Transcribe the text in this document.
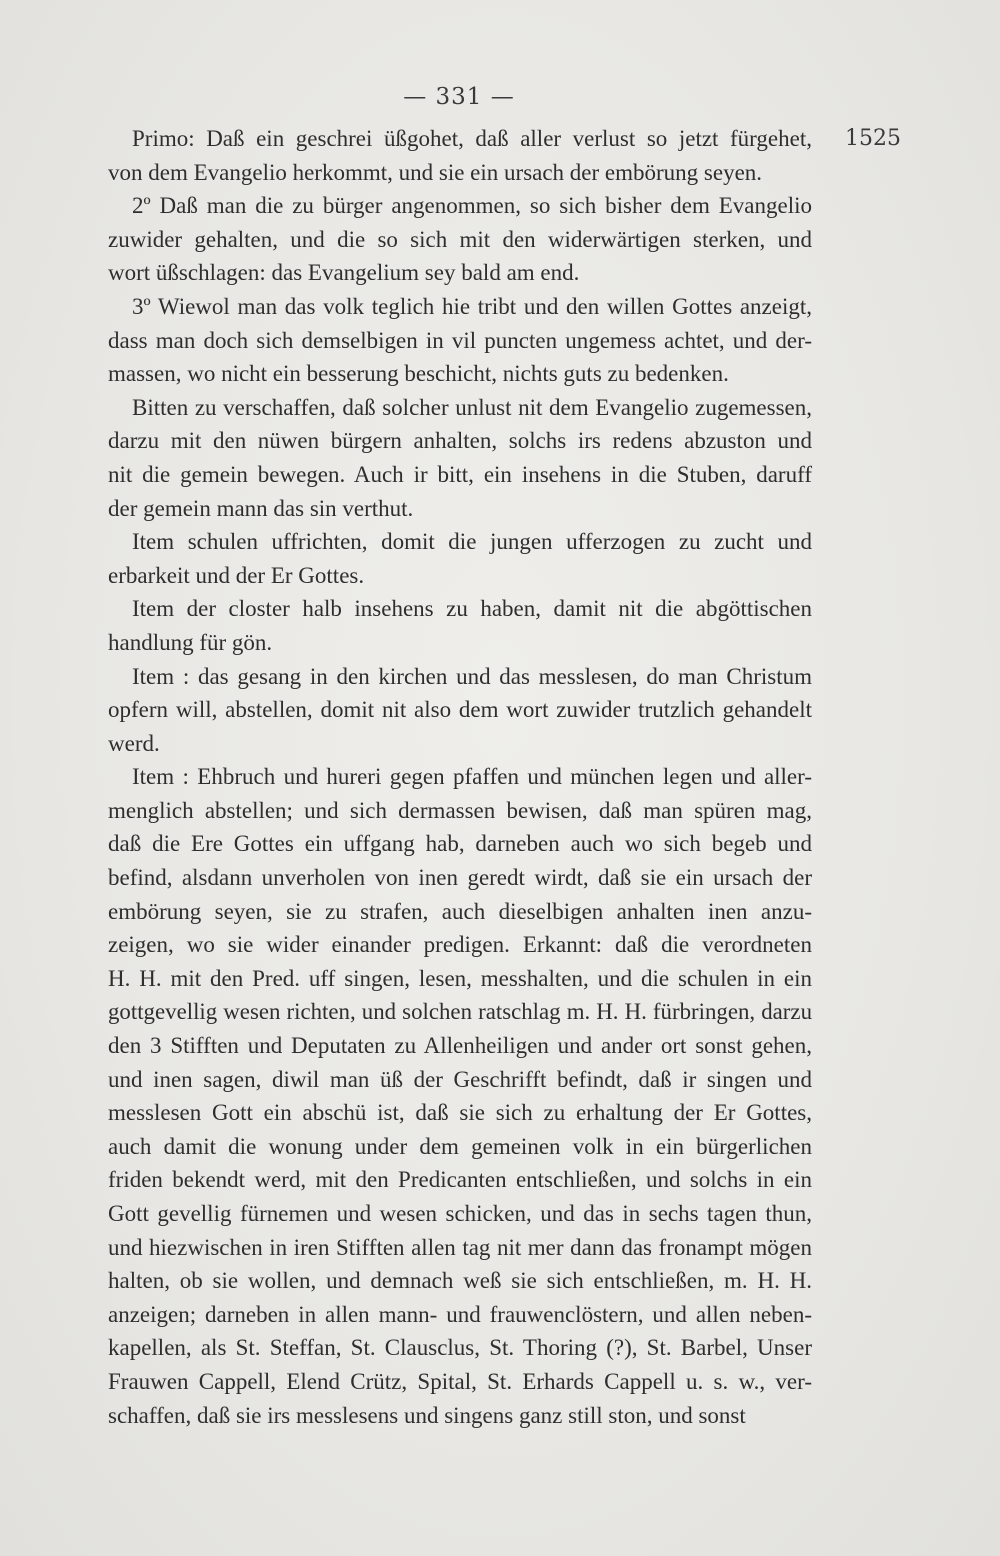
— 331 —
1525
Primo: Daß ein geschrei üßgohet, daß aller verlust so jetzt fürgehet,
von dem Evangelio herkommt, und sie ein ursach der embörung seyen.
2º Daß man die zu bürger angenommen, so sich bisher dem Evangelio
zuwider gehalten, und die so sich mit den widerwärtigen sterken, und
wort üßschlagen: das Evangelium sey bald am end.
3º Wiewol man das volk teglich hie tribt und den willen Gottes anzeigt,
dass man doch sich demselbigen in vil puncten ungemess achtet, und der-
massen, wo nicht ein besserung beschicht, nichts guts zu bedenken.
Bitten zu verschaffen, daß solcher unlust nit dem Evangelio zugemessen,
darzu mit den nüwen bürgern anhalten, solchs irs redens abzuston und
nit die gemein bewegen. Auch ir bitt, ein insehens in die Stuben, daruff
der gemein mann das sin verthut.
Item schulen uffrichten, domit die jungen ufferzogen zu zucht und
erbarkeit und der Er Gottes.
Item der closter halb insehens zu haben, damit nit die abgöttischen
handlung für gön.
Item : das gesang in den kirchen und das messlesen, do man Christum
opfern will, abstellen, domit nit also dem wort zuwider trutzlich gehandelt
werd.
Item : Ehbruch und hureri gegen pfaffen und münchen legen und aller-
menglich abstellen; und sich dermassen bewisen, daß man spüren mag,
daß die Ere Gottes ein uffgang hab, darneben auch wo sich begeb und
befind, alsdann unverholen von inen geredt wirdt, daß sie ein ursach der
embörung seyen, sie zu strafen, auch dieselbigen anhalten inen anzu-
zeigen, wo sie wider einander predigen. Erkannt: daß die verordneten
H. H. mit den Pred. uff singen, lesen, messhalten, und die schulen in ein
gottgevellig wesen richten, und solchen ratschlag m. H. H. fürbringen, darzu
den 3 Stifften und Deputaten zu Allenheiligen und ander ort sonst gehen,
und inen sagen, diwil man üß der Geschrifft befindt, daß ir singen und
messlesen Gott ein abschü ist, daß sie sich zu erhaltung der Er Gottes,
auch damit die wonung under dem gemeinen volk in ein bürgerlichen
friden bekendt werd, mit den Predicanten entschließen, und solchs in ein
Gott gevellig fürnemen und wesen schicken, und das in sechs tagen thun,
und hiezwischen in iren Stifften allen tag nit mer dann das fronampt mögen
halten, ob sie wollen, und demnach weß sie sich entschließen, m. H. H.
anzeigen; darneben in allen mann- und frauwenclöstern, und allen neben-
kapellen, als St. Steffan, St. Clausclus, St. Thoring (?), St. Barbel, Unser
Frauwen Cappell, Elend Crütz, Spital, St. Erhards Cappell u. s. w., ver-
schaffen, daß sie irs messlesens und singens ganz still ston, und sonst
